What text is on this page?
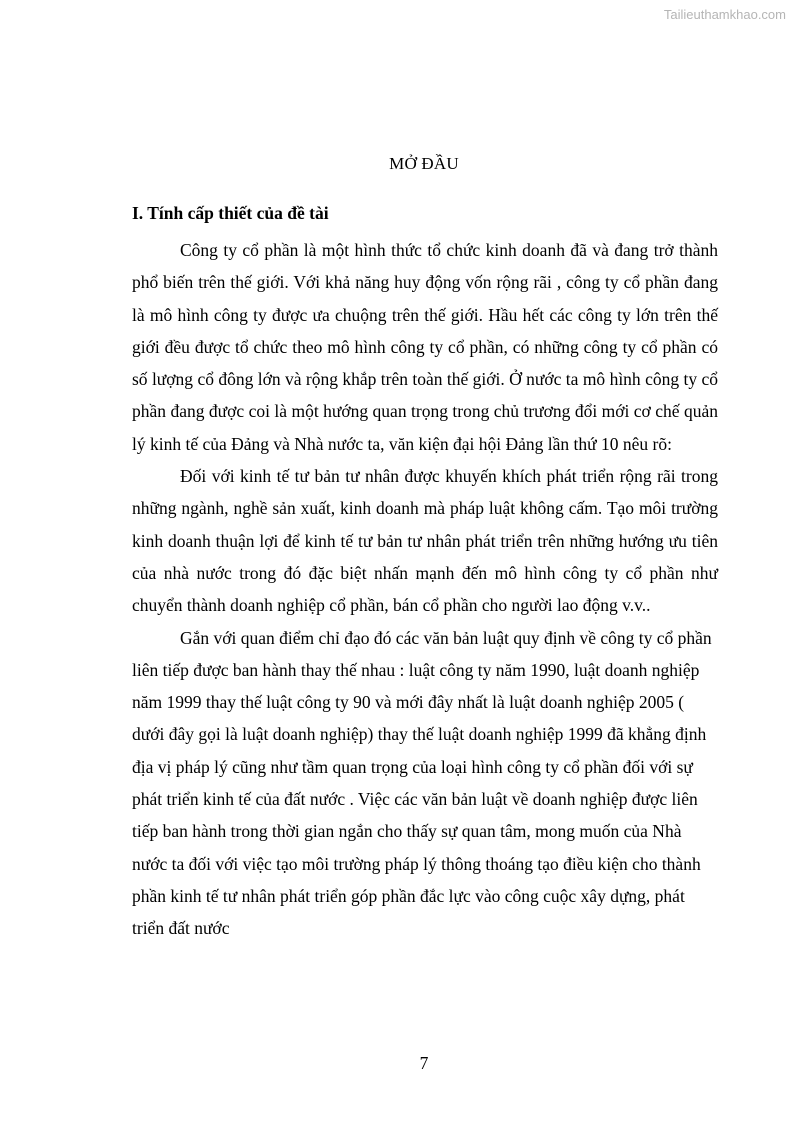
Tailieuthamkhao.com
MỞ ĐẦU
I. Tính cấp thiết của đề tài

Công ty cổ phần là một hình thức tổ chức kinh doanh đã và đang trở thành phổ biến trên thế giới. Với khả năng huy động vốn rộng rãi , công ty cổ phần đang là mô hình công ty được ưa chuộng trên thế giới. Hầu hết các công ty lớn trên thế giới đều được tổ chức theo mô hình công ty cổ phần, có những công ty cổ phần có số lượng cổ đông lớn và rộng khắp trên toàn thế giới. Ở nước ta mô hình công ty cổ phần đang được coi là một hướng quan trọng trong chủ trương đổi mới cơ chế quản lý kinh tế của Đảng và Nhà nước ta, văn kiện đại hội Đảng lần thứ 10 nêu rõ:

Đối với kinh tế tư bản tư nhân được khuyến khích phát triển rộng rãi trong những ngành, nghề sản xuất, kinh doanh mà pháp luật không cấm. Tạo môi trường kinh doanh thuận lợi để kinh tế tư bản tư nhân phát triển trên những hướng ưu tiên của nhà nước trong đó đặc biệt nhấn mạnh đến mô hình công ty cổ phần như chuyển thành doanh nghiệp cổ phần, bán cổ phần cho người lao động v.v..

Gắn với quan điểm chỉ đạo đó các văn bản luật quy định về công ty cổ phần liên tiếp được ban hành thay thế nhau : luật công ty năm 1990, luật doanh nghiệp năm 1999 thay thế luật công ty 90 và mới đây nhất là luật doanh nghiệp 2005 ( dưới đây gọi là luật doanh nghiệp) thay thế luật doanh nghiệp 1999 đã khẳng định địa vị pháp lý cũng như tầm quan trọng của loại hình công ty cổ phần đối với sự phát triển kinh tế của đất nước . Việc các văn bản luật về doanh nghiệp được liên tiếp ban hành trong thời gian ngắn cho thấy sự quan tâm, mong muốn của Nhà nước ta đối với việc tạo môi trường pháp lý thông thoáng tạo điều kiện cho thành phần kinh tế tư nhân phát triển góp phần đắc lực vào công cuộc xây dựng, phát triển đất nước

7
